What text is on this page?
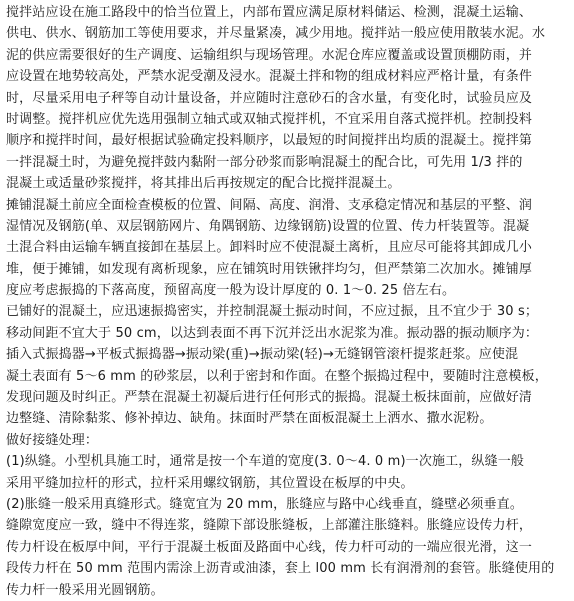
搅拌站应设在施工路段中的恰当位置上，内部布置应满足原材料储运、检测，混凝土运输、
供电、供水、钢筋加工等使用要求，并尽量紧凑，减少用地。搅拌站一般应使用散装水泥。水
泥的供应需要很好的生产调度、运输组织与现场管理。水泥仓库应覆盖或设置顶棚防雨，并
应设置在地势较高处，严禁水泥受潮及浸水。混凝土拌和物的组成材料应严格计量，有条件
时，尽量采用电子秤等自动计量设备，并应随时注意砂石的含水量，有变化时，试验员应及
时调整。搅拌机应优先选用强制立轴式或双轴式搅拌机，不宜采用自落式搅拌机。控制投料
顺序和搅拌时间，最好根据试验确定投料顺序，以最短的时间搅拌出均质的混凝土。搅拌第
一拌混凝土时，为避免搅拌鼓内黏附一部分砂浆而影响混凝土的配合比，可先用 1/3 拌的
混凝土或适量砂浆搅拌，将其排出后再按规定的配合比搅拌混凝土。
摊铺混凝土前应全面检查模板的位置、间隔、高度、润滑、支承稳定情况和基层的平整、润
湿情况及钢筋(单、双层钢筋网片、角隅钢筋、边缘钢筋)设置的位置、传力杆装置等。混凝
土混合料由运输车辆直接卸在基层上。卸料时应不使混凝土离析，且应尽可能将其卸成几小
堆，便于摊铺，如发现有离析现象，应在铺筑时用铁锹拌均匀，但严禁第二次加水。摊铺厚
度应考虑振捣的下落高度，预留高度一般为设计厚度的 0. 1～0. 25 倍左右。
已铺好的混凝土，应迅速振捣密实，并控制混凝土振动时间，不应过振，且不宜少于 30 s；
移动间距不宜大于 50 cm，以达到表面不再下沉并泛出水泥浆为准。振动器的振动顺序为：
插入式振捣器→平板式振捣器→振动梁(重)→振动梁(轻)→无缝钢管滚杆提浆赶浆。应使混
凝土表面有 5～6 mm 的砂浆层，以利于密封和作面。在整个振捣过程中，要随时注意模板，
发现问题及时纠正。严禁在混凝土初凝后进行任何形式的振捣。混凝土板抹面前，应做好清
边整缝、清除黏浆、修补掉边、缺角。抹面时严禁在面板混凝土上洒水、撒水泥粉。
做好接缝处理：
(1)纵缝。小型机具施工时，通常是按一个车道的宽度(3. 0～4. 0 m)一次施工，纵缝一般
采用平缝加拉杆的形式，拉杆采用螺纹钢筋，其位置设在板厚的中央。
(2)胀缝一般采用真缝形式。缝宽宜为 20 mm，胀缝应与路中心线垂直，缝壁必须垂直。
缝隙宽度应一致，缝中不得连浆，缝隙下部设胀缝板，上部灌注胀缝料。胀缝应设传力杆，
传力杆设在板厚中间，平行于混凝土板面及路面中心线，传力杆可动的一端应很光滑，这一
段传力杆在 50 mm 范围内需涂上沥青或油漆，套上 l00 mm 长有润滑剂的套管。胀缝使用的
传力杆一般采用光圆钢筋。
